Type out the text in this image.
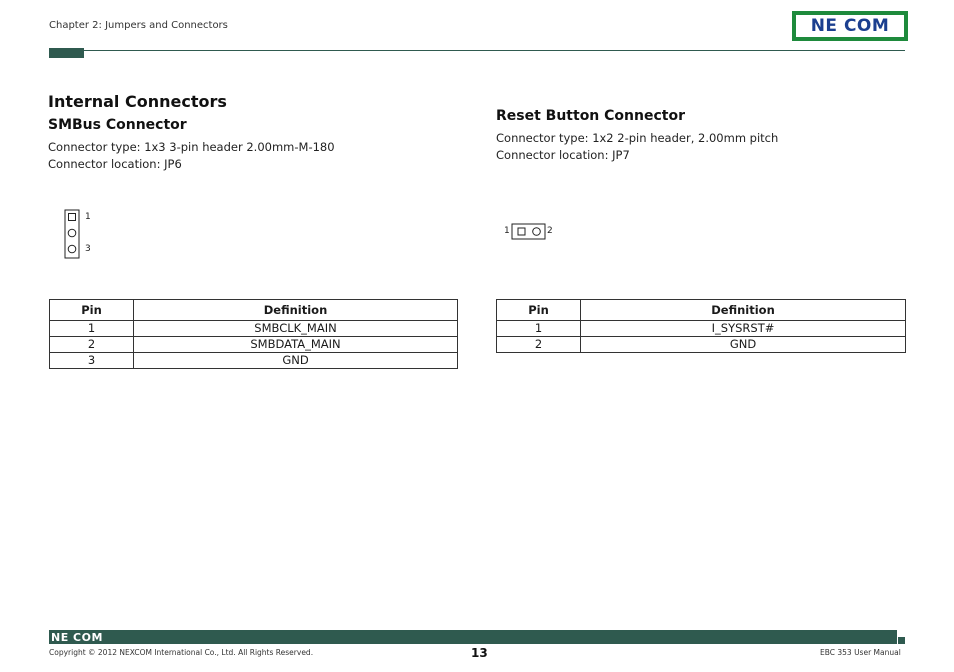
Chapter 2: Jumpers and Connectors	NE COM
Internal Connectors
SMBus Connector
Connector type: 1x3 3-pin header 2.00mm-M-180
Connector location: JP6
1
3
Pin	Definition
1	SMBCLK_MAIN
2	SMBDATA_MAIN
3	GND
Reset Button Connector
Connector type: 1x2 2-pin header, 2.00mm pitch
Connector location: JP7
1	2
Pin	Definition
1	I_SYSRST#
2	GND
NE COM
Copyright © 2012 NEXCOM International Co., Ltd. All Rights Reserved.	13	EBC 353 User Manual
